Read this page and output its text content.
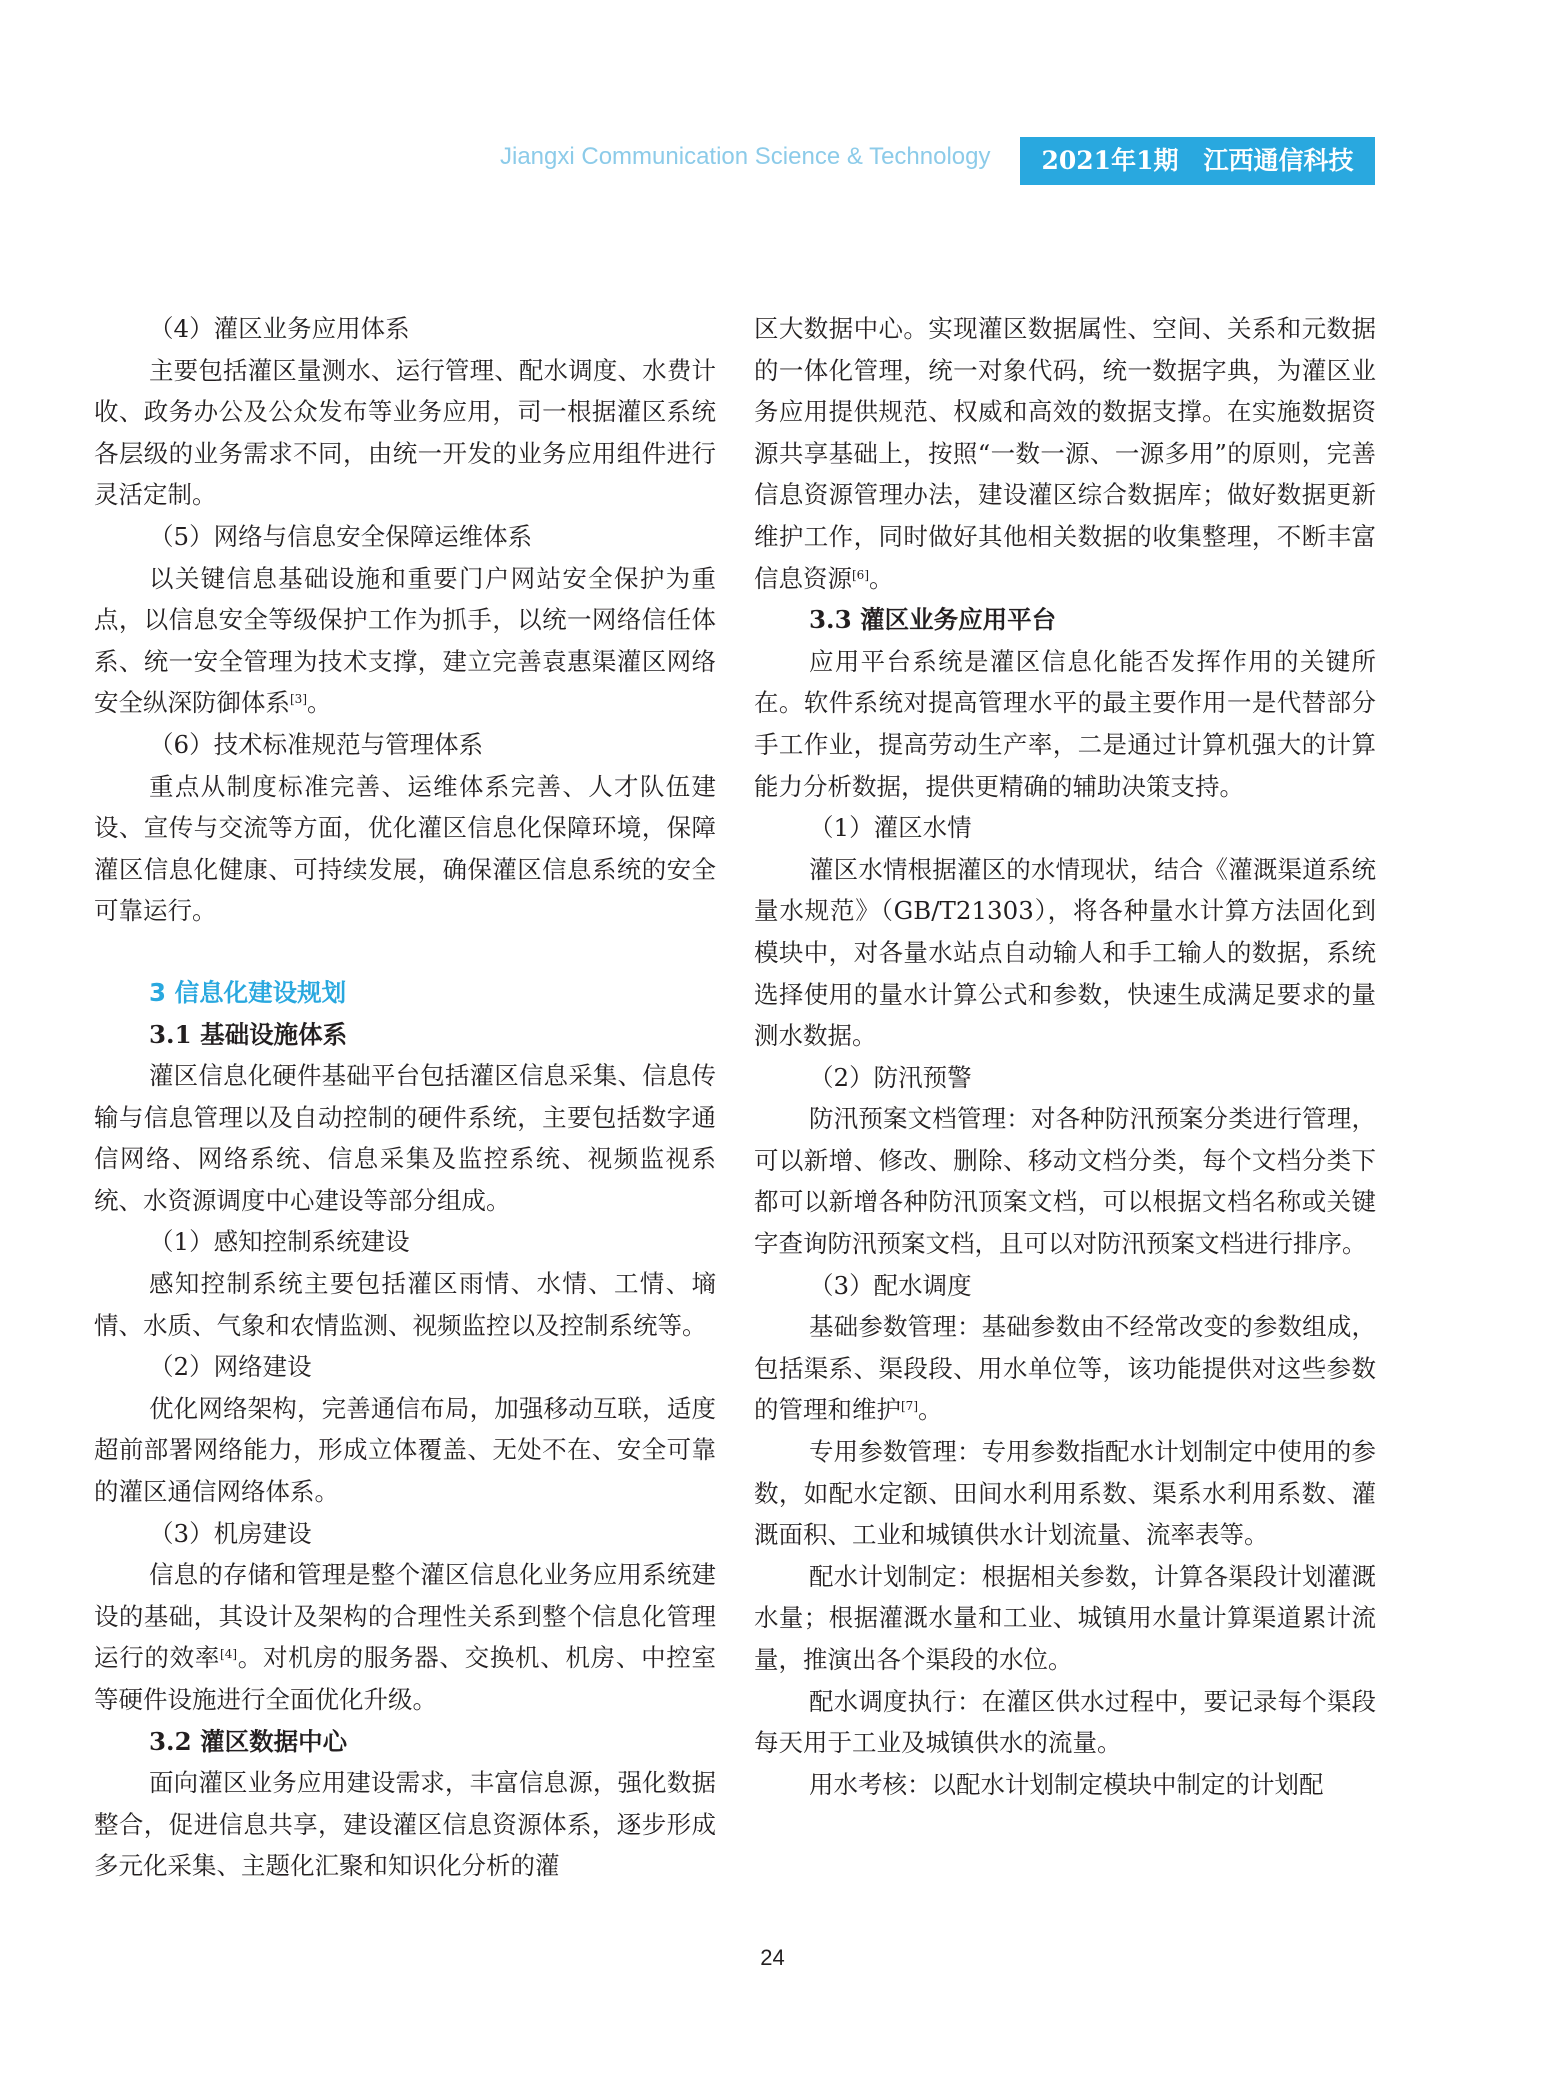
Jiangxi Communication Science & Technology	2021年1期　江西通信科技

（4）灌区业务应用体系

主要包括灌区量测水、运行管理、配水调度、水费计收、政务办公及公众发布等业务应用，司一根据灌区系统各层级的业务需求不同，由统一开发的业务应用组件进行灵活定制。

（5）网络与信息安全保障运维体系

以关键信息基础设施和重要门户网站安全保护为重点，以信息安全等级保护工作为抓手，以统一网络信任体系、统一安全管理为技术支撑，建立完善袁惠渠灌区网络安全纵深防御体系[3]。

（6）技术标准规范与管理体系

重点从制度标准完善、运维体系完善、人才队伍建设、宣传与交流等方面，优化灌区信息化保障环境，保障灌区信息化健康、可持续发展，确保灌区信息系统的安全可靠运行。

3 信息化建设规划

3.1 基础设施体系

灌区信息化硬件基础平台包括灌区信息采集、信息传输与信息管理以及自动控制的硬件系统，主要包括数字通信网络、网络系统、信息采集及监控系统、视频监视系统、水资源调度中心建设等部分组成。

（1）感知控制系统建设

感知控制系统主要包括灌区雨情、水情、工情、墒情、水质、气象和农情监测、视频监控以及控制系统等。

（2）网络建设

优化网络架构，完善通信布局，加强移动互联，适度超前部署网络能力，形成立体覆盖、无处不在、安全可靠的灌区通信网络体系。

（3）机房建设

信息的存储和管理是整个灌区信息化业务应用系统建设的基础，其设计及架构的合理性关系到整个信息化管理运行的效率[4]。对机房的服务器、交换机、机房、中控室等硬件设施进行全面优化升级。

3.2 灌区数据中心

面向灌区业务应用建设需求，丰富信息源，强化数据整合，促进信息共享，建设灌区信息资源体系，逐步形成多元化采集、主题化汇聚和知识化分析的灌

区大数据中心。实现灌区数据属性、空间、关系和元数据的一体化管理，统一对象代码，统一数据字典，为灌区业务应用提供规范、权威和高效的数据支撑。在实施数据资源共享基础上，按照“一数一源、一源多用”的原则，完善信息资源管理办法，建设灌区综合数据库；做好数据更新维护工作，同时做好其他相关数据的收集整理，不断丰富信息资源[6]。

3.3 灌区业务应用平台

应用平台系统是灌区信息化能否发挥作用的关键所在。软件系统对提高管理水平的最主要作用一是代替部分手工作业，提高劳动生产率，二是通过计算机强大的计算能力分析数据，提供更精确的辅助决策支持。

（1）灌区水情

灌区水情根据灌区的水情现状，结合《灌溉渠道系统量水规范》（GB/T21303），将各种量水计算方法固化到模块中，对各量水站点自动输人和手工输人的数据，系统选择使用的量水计算公式和参数，快速生成满足要求的量测水数据。

（2）防汛预警

防汛预案文档管理：对各种防汛预案分类进行管理，可以新增、修改、删除、移动文档分类，每个文档分类下都可以新增各种防汛顶案文档，可以根据文档名称或关键字查询防汛预案文档，且可以对防汛预案文档进行排序。

（3）配水调度

基础参数管理：基础参数由不经常改变的参数组成，包括渠系、渠段段、用水单位等，该功能提供对这些参数的管理和维护[7]。

专用参数管理：专用参数指配水计划制定中使用的参数，如配水定额、田间水利用系数、渠系水利用系数、灌溉面积、工业和城镇供水计划流量、流率表等。

配水计划制定：根据相关参数，计算各渠段计划灌溉水量；根据灌溉水量和工业、城镇用水量计算渠道累计流量，推演出各个渠段的水位。

配水调度执行：在灌区供水过程中，要记录每个渠段每天用于工业及城镇供水的流量。

用水考核：以配水计划制定模块中制定的计划配

24
